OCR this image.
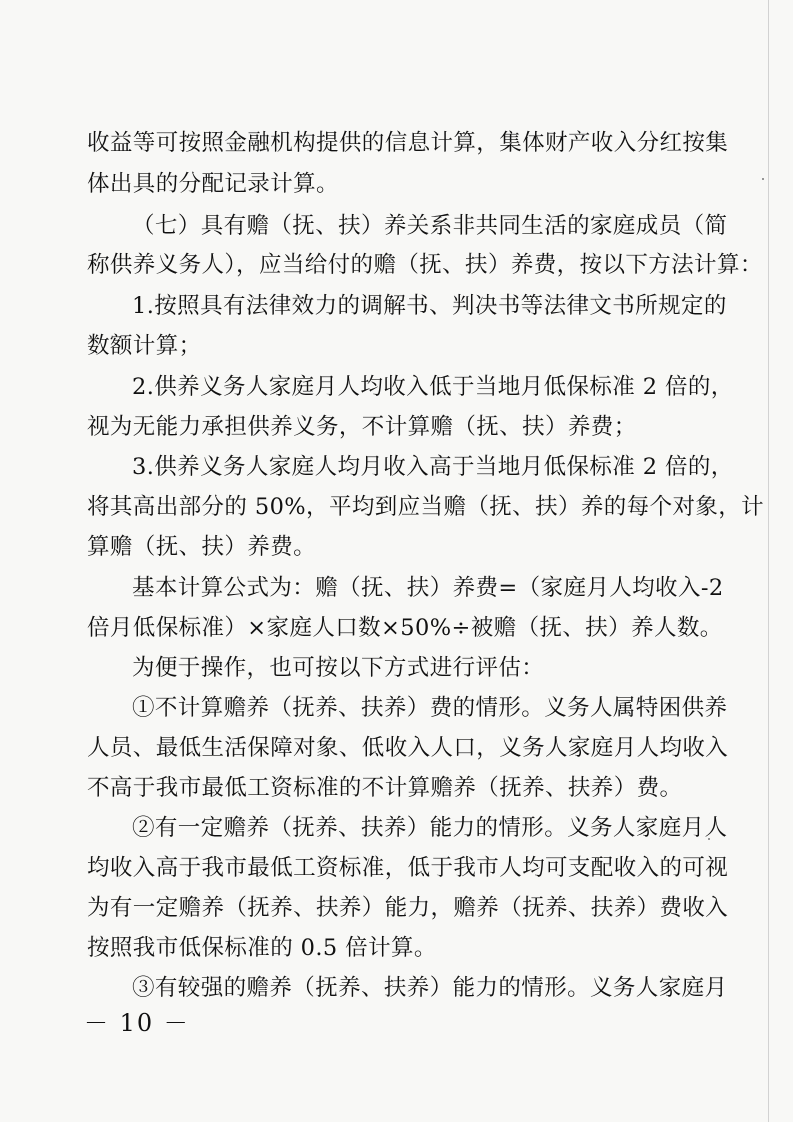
收益等可按照金融机构提供的信息计算，集体财产收入分红按集
体出具的分配记录计算。
（七）具有赡（抚、扶）养关系非共同生活的家庭成员（简
称供养义务人），应当给付的赡（抚、扶）养费，按以下方法计算：
1.按照具有法律效力的调解书、判决书等法律文书所规定的
数额计算；
2.供养义务人家庭月人均收入低于当地月低保标准 2 倍的，
视为无能力承担供养义务，不计算赡（抚、扶）养费；
3.供养义务人家庭人均月收入高于当地月低保标准 2 倍的，
将其高出部分的 50%，平均到应当赡（抚、扶）养的每个对象，计
算赡（抚、扶）养费。
基本计算公式为：赡（抚、扶）养费=（家庭月人均收入-2
倍月低保标准）×家庭人口数×50%÷被赡（抚、扶）养人数。
为便于操作，也可按以下方式进行评估：
①不计算赡养（抚养、扶养）费的情形。义务人属特困供养
人员、最低生活保障对象、低收入人口，义务人家庭月人均收入
不高于我市最低工资标准的不计算赡养（抚养、扶养）费。
②有一定赡养（抚养、扶养）能力的情形。义务人家庭月人
均收入高于我市最低工资标准，低于我市人均可支配收入的可视
为有一定赡养（抚养、扶养）能力，赡养（抚养、扶养）费收入
按照我市低保标准的 0.5 倍计算。
③有较强的赡养（抚养、扶养）能力的情形。义务人家庭月
－ 10 －
